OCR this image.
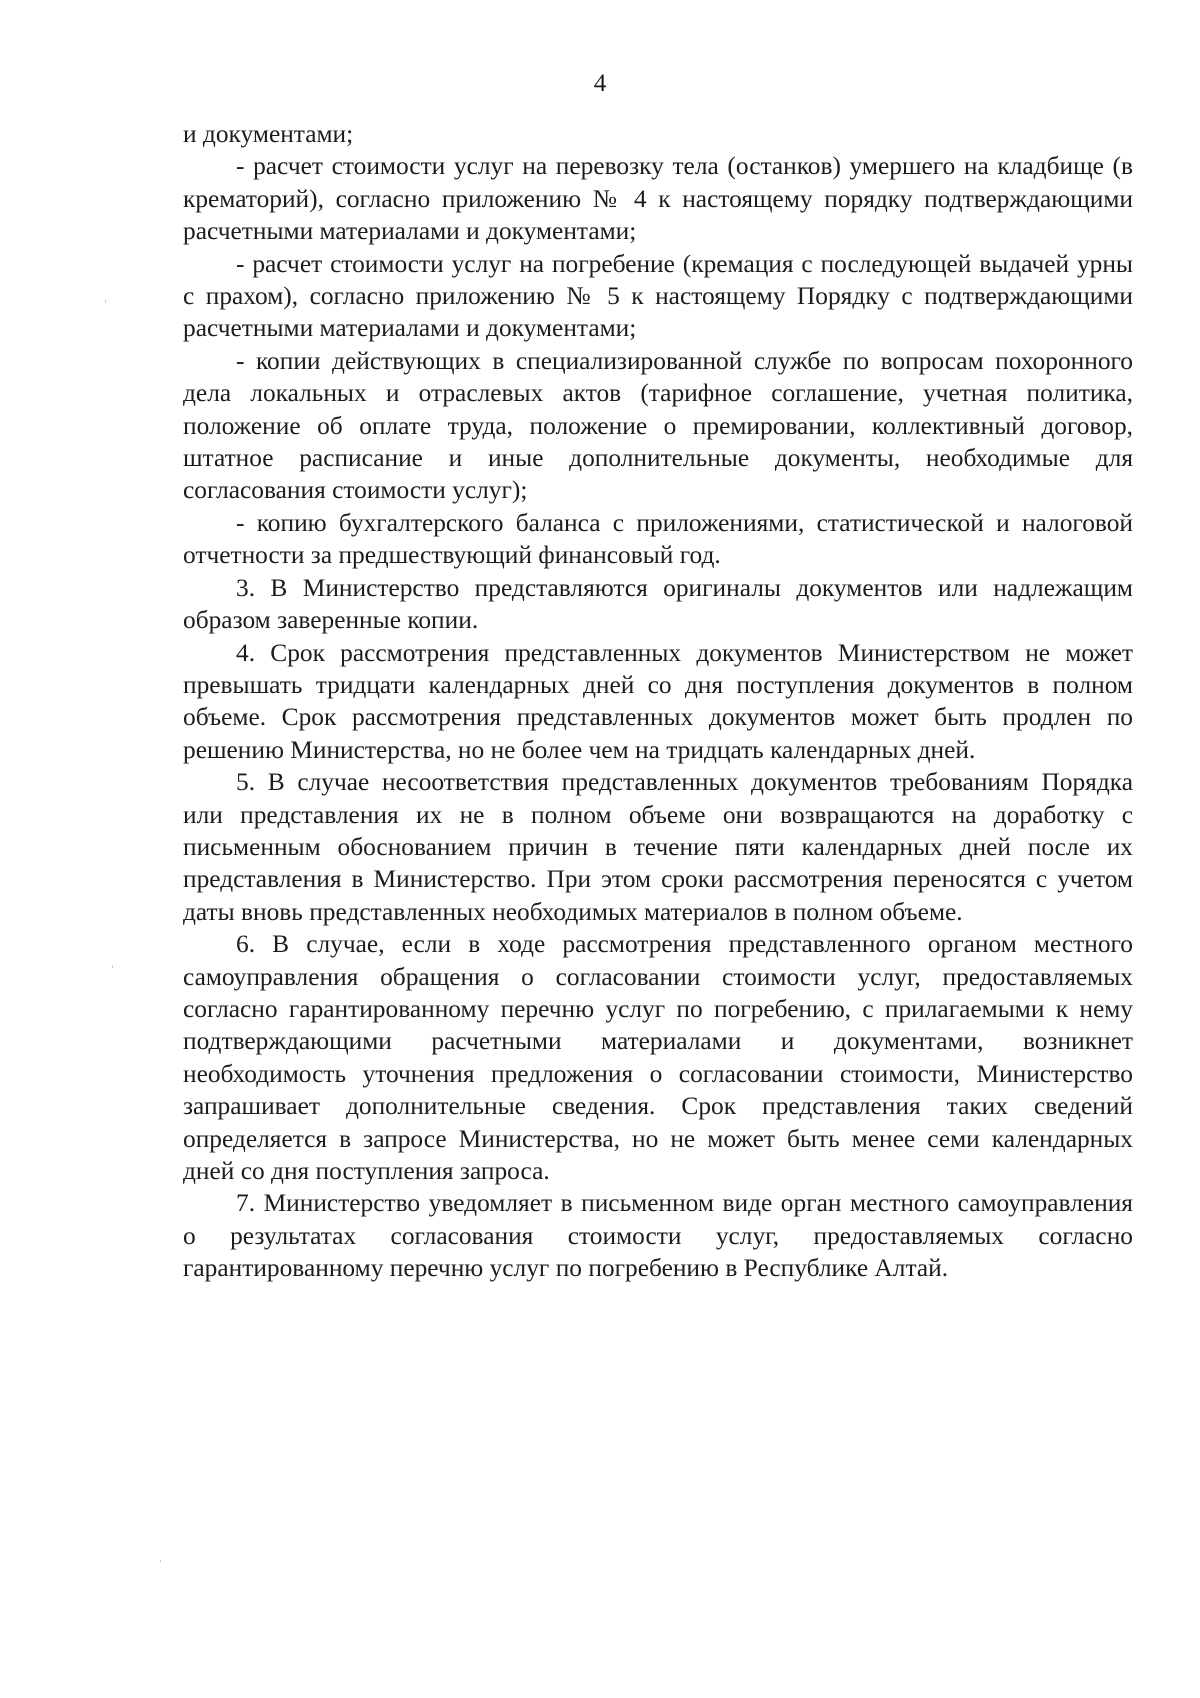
4

и документами;

- расчет стоимости услуг на перевозку тела (останков) умершего на кладбище (в крематорий), согласно приложению № 4 к настоящему порядку подтверждающими расчетными материалами и документами;

- расчет стоимости услуг на погребение (кремация с последующей выдачей урны с прахом), согласно приложению № 5 к настоящему Порядку с подтверждающими расчетными материалами и документами;

- копии действующих в специализированной службе по вопросам похоронного дела локальных и отраслевых актов (тарифное соглашение, учетная политика, положение об оплате труда, положение о премировании, коллективный договор, штатное расписание и иные дополнительные документы, необходимые для согласования стоимости услуг);

- копию бухгалтерского баланса с приложениями, статистической и налоговой отчетности за предшествующий финансовый год.

3. В Министерство представляются оригиналы документов или надлежащим образом заверенные копии.

4. Срок рассмотрения представленных документов Министерством не может превышать тридцати календарных дней со дня поступления документов в полном объеме. Срок рассмотрения представленных документов может быть продлен по решению Министерства, но не более чем на тридцать календарных дней.

5. В случае несоответствия представленных документов требованиям Порядка или представления их не в полном объеме они возвращаются на доработку с письменным обоснованием причин в течение пяти календарных дней после их представления в Министерство. При этом сроки рассмотрения переносятся с учетом даты вновь представленных необходимых материалов в полном объеме.

6. В случае, если в ходе рассмотрения представленного органом местного самоуправления обращения о согласовании стоимости услуг, предоставляемых согласно гарантированному перечню услуг по погребению, с прилагаемыми к нему подтверждающими расчетными материалами и документами, возникнет необходимость уточнения предложения о согласовании стоимости, Министерство запрашивает дополнительные сведения. Срок представления таких сведений определяется в запросе Министерства, но не может быть менее семи календарных дней со дня поступления запроса.

7. Министерство уведомляет в письменном виде орган местного самоуправления о результатах согласования стоимости услуг, предоставляемых согласно гарантированному перечню услуг по погребению в Республике Алтай.
